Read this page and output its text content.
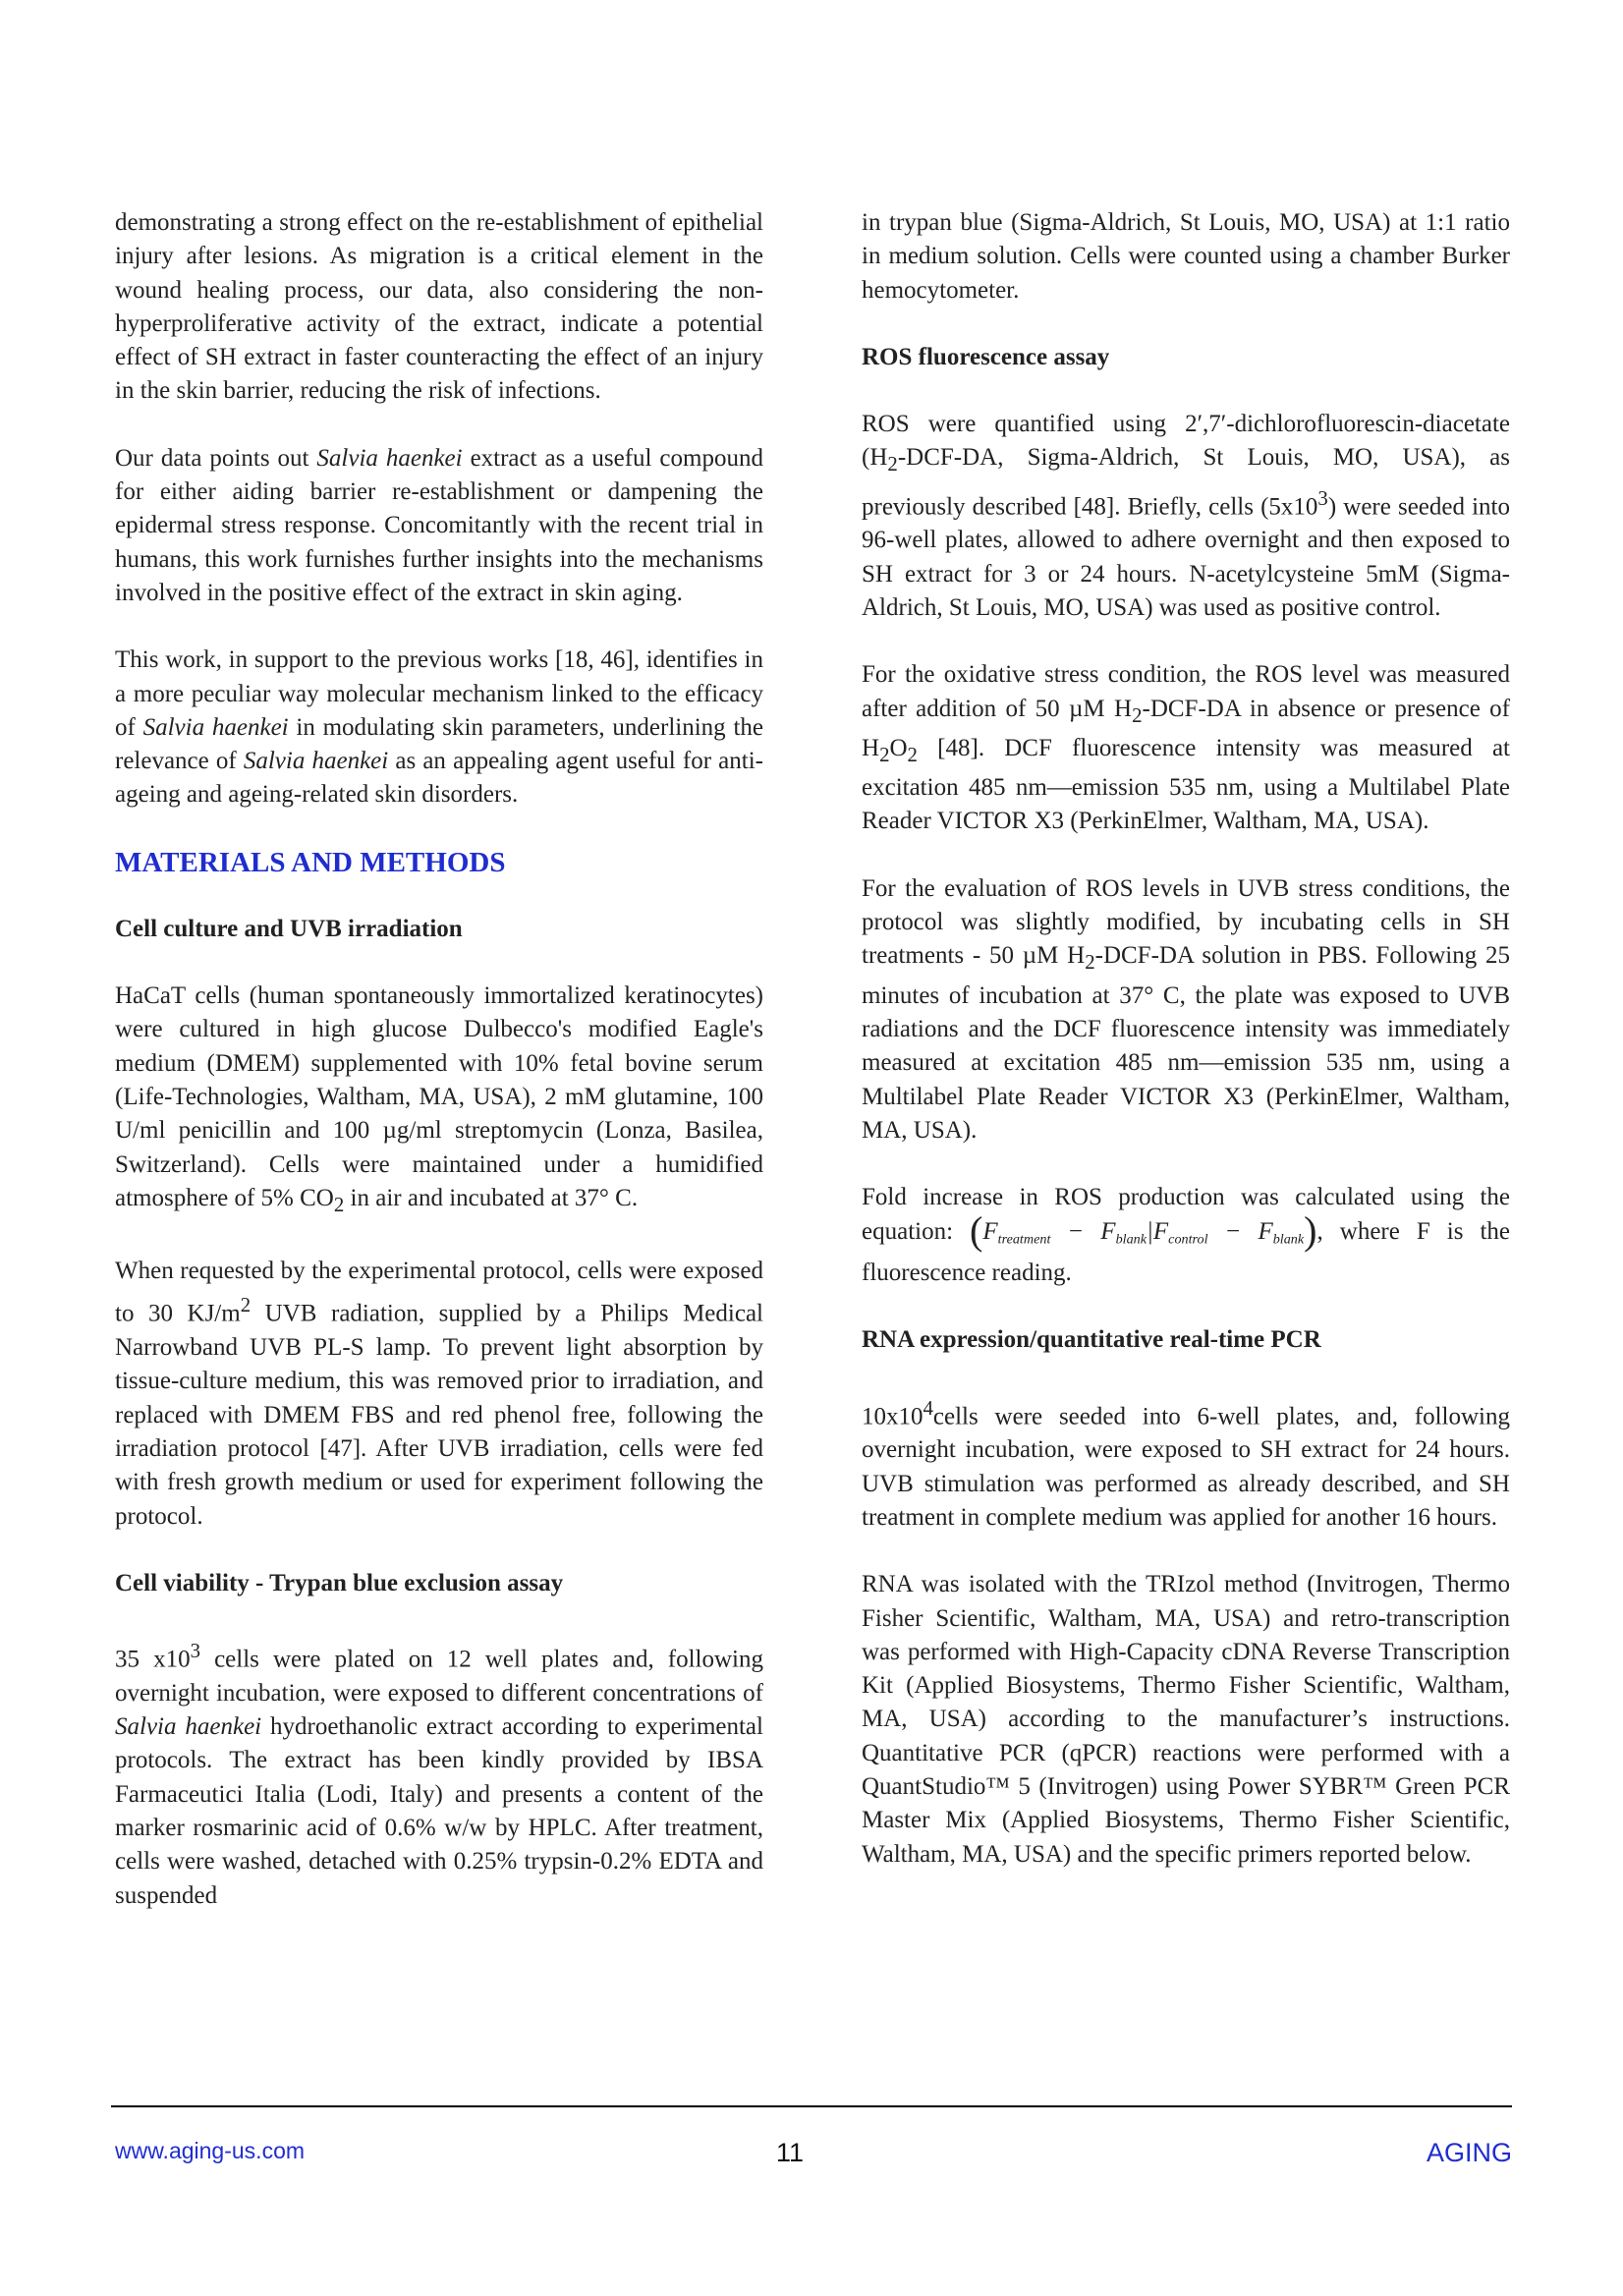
demonstrating a strong effect on the re-establishment of epithelial injury after lesions. As migration is a critical element in the wound healing process, our data, also considering the non-hyperproliferative activity of the extract, indicate a potential effect of SH extract in faster counteracting the effect of an injury in the skin barrier, reducing the risk of infections.

Our data points out Salvia haenkei extract as a useful compound for either aiding barrier re-establishment or dampening the epidermal stress response. Concomitantly with the recent trial in humans, this work furnishes further insights into the mechanisms involved in the positive effect of the extract in skin aging.

This work, in support to the previous works [18, 46], identifies in a more peculiar way molecular mechanism linked to the efficacy of Salvia haenkei in modulating skin parameters, underlining the relevance of Salvia haenkei as an appealing agent useful for anti-ageing and ageing-related skin disorders.

MATERIALS AND METHODS
Cell culture and UVB irradiation

HaCaT cells (human spontaneously immortalized keratinocytes) were cultured in high glucose Dulbecco's modified Eagle's medium (DMEM) supplemented with 10% fetal bovine serum (Life-Technologies, Waltham, MA, USA), 2 mM glutamine, 100 U/ml penicillin and 100 µg/ml streptomycin (Lonza, Basilea, Switzerland). Cells were maintained under a humidified atmosphere of 5% $CO_2$ in air and incubated at 37° C.

When requested by the experimental protocol, cells were exposed to 30 $KJ/m^2$ UVB radiation, supplied by a Philips Medical Narrowband UVB PL-S lamp. To prevent light absorption by tissue-culture medium, this was removed prior to irradiation, and replaced with DMEM FBS and red phenol free, following the irradiation protocol [47]. After UVB irradiation, cells were fed with fresh growth medium or used for experiment following the protocol.

Cell viability - Trypan blue exclusion assay

35 $x10^3$ cells were plated on 12 well plates and, following overnight incubation, were exposed to different concentrations of Salvia haenkei hydroethanolic extract according to experimental protocols. The extract has been kindly provided by IBSA Farmaceutici Italia (Lodi, Italy) and presents a content of the marker rosmarinic acid of 0.6% w/w by HPLC. After treatment, cells were washed, detached with 0.25% trypsin-0.2% EDTA and suspended

in trypan blue (Sigma-Aldrich, St Louis, MO, USA) at 1:1 ratio in medium solution. Cells were counted using a chamber Burker hemocytometer.

ROS fluorescence assay

ROS were quantified using 2′,7′-dichlorofluorescin-diacetate ($H_2-DCF-DA$, Sigma-Aldrich, St Louis, MO, USA), as previously described [48]. Briefly, cells $(5x10^3)$ were seeded into 96-well plates, allowed to adhere overnight and then exposed to SH extract for 3 or 24 hours. N-acetylcysteine 5mM (Sigma-Aldrich, St Louis, MO, USA) was used as positive control.

For the oxidative stress condition, the ROS level was measured after addition of 50 µM $H_2-DCF-DA$ in absence or presence of $H_2O_2$ [48]. DCF fluorescence intensity was measured at excitation 485 nm—emission 535 nm, using a Multilabel Plate Reader VICTOR X3 (PerkinElmer, Waltham, MA, USA).

For the evaluation of ROS levels in UVB stress conditions, the protocol was slightly modified, by incubating cells in SH treatments - 50 µM $H_2-DCF-DA$ solution in PBS. Following 25 minutes of incubation at 37° C, the plate was exposed to UVB radiations and the DCF fluorescence intensity was immediately measured at excitation 485 nm—emission 535 nm, using a Multilabel Plate Reader VICTOR X3 (PerkinElmer, Waltham, MA, USA).

Fold increase in ROS production was calculated using the equation: $(F_{treatment} - F_{blank}|F_{control} - F_{blank})$, where F is the fluorescence reading.

RNA expression/quantitative real-time PCR

$10x10^4cells$ were seeded into 6-well plates, and, following overnight incubation, were exposed to SH extract for 24 hours. UVB stimulation was performed as already described, and SH treatment in complete medium was applied for another 16 hours.

RNA was isolated with the TRIzol method (Invitrogen, Thermo Fisher Scientific, Waltham, MA, USA) and retro-transcription was performed with High-Capacity cDNA Reverse Transcription Kit (Applied Biosystems, Thermo Fisher Scientific, Waltham, MA, USA) according to the manufacturer’s instructions. Quantitative PCR (qPCR) reactions were performed with a QuantStudio™ 5 (Invitrogen) using Power SYBR™ Green PCR Master Mix (Applied Biosystems, Thermo Fisher Scientific, Waltham, MA, USA) and the specific primers reported below.

www.aging-us.com	11	AGING
